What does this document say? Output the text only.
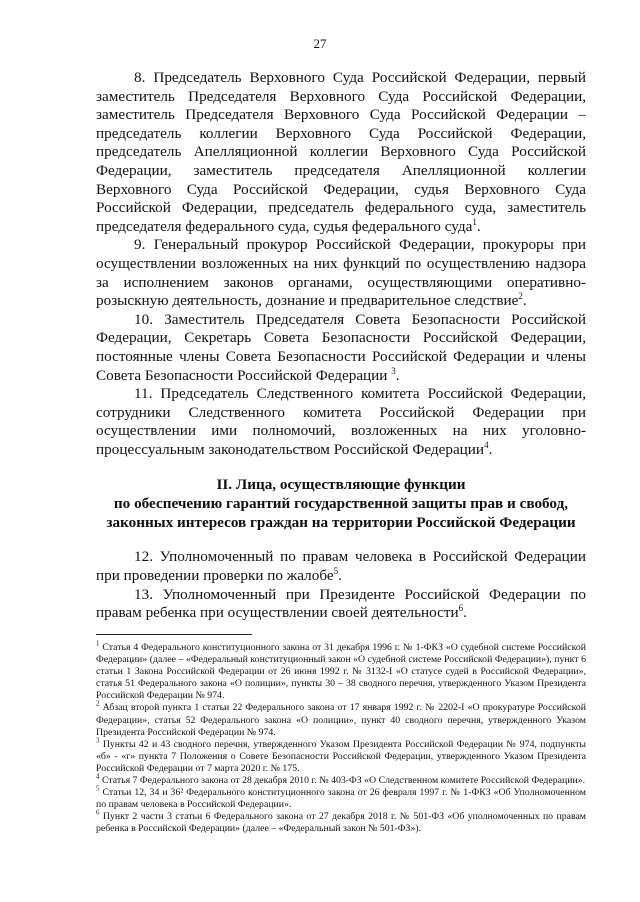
27

8. Председатель Верховного Суда Российской Федерации, первый заместитель Председателя Верховного Суда Российской Федерации, заместитель Председателя Верховного Суда Российской Федерации – председатель коллегии Верховного Суда Российской Федерации, председатель Апелляционной коллегии Верховного Суда Российской Федерации, заместитель председателя Апелляционной коллегии Верховного Суда Российской Федерации, судья Верховного Суда Российской Федерации, председатель федерального суда, заместитель председателя федерального суда, судья федерального суда$^1$.

9. Генеральный прокурор Российской Федерации, прокуроры при осуществлении возложенных на них функций по осуществлению надзора за исполнением законов органами, осуществляющими оперативно-розыскную деятельность, дознание и предварительное следствие$^2$.

10. Заместитель Председателя Совета Безопасности Российской Федерации, Секретарь Совета Безопасности Российской Федерации, постоянные члены Совета Безопасности Российской Федерации и члены Совета Безопасности Российской Федерации $^3$.

11. Председатель Следственного комитета Российской Федерации, сотрудники Следственного комитета Российской Федерации при осуществлении ими полномочий, возложенных на них уголовно-процессуальным законодательством Российской Федерации$^4$.

II. Лица, осуществляющие функции
по обеспечению гарантий государственной защиты прав и свобод,
законных интересов граждан на территории Российской Федерации

12. Уполномоченный по правам человека в Российской Федерации при проведении проверки по жалобе$^5$.

13. Уполномоченный при Президенте Российской Федерации по правам ребенка при осуществлении своей деятельности$^6$.

$^1$ Статья 4 Федерального конституционного закона от 31 декабря 1996 г. № 1-ФКЗ «О судебной системе Российской Федерации» (далее – «Федеральный конституционный закон «О судебной системе Российской Федерации»), пункт 6 статьи 1 Закона Российской Федерации от 26 июня 1992 г. № 3132-I «О статусе судей в Российской Федерации», статья 51 Федерального закона «О полиции», пункты 30 – 38 сводного перечня, утвержденного Указом Президента Российской Федерации № 974.

$^2$ Абзац второй пункта 1 статьи 22 Федерального закона от 17 января 1992 г. № 2202-I «О прокуратуре Российской Федерации», статья 52 Федерального закона «О полиции», пункт 40 сводного перечня, утвержденного Указом Президента Российской Федерации № 974.

$^3$ Пункты 42 и 43 сводного перечня, утвержденного Указом Президента Российской Федерации № 974, подпункты «б» - «г» пункта 7 Положения о Совете Безопасности Российской Федерации, утвержденного Указом Президента Российской Федерации от 7 марта 2020 г. № 175.

$^4$ Статья 7 Федерального закона от 28 декабря 2010 г. № 403-ФЗ «О Следственном комитете Российской Федерации».

$^5$ Статьи 12, 34 и 36² Федерального конституционного закона от 26 февраля 1997 г. № 1-ФКЗ «Об Уполномоченном по правам человека в Российской Федерации».

$^6$ Пункт 2 части 3 статьи 6 Федерального закона от 27 декабря 2018 г. № 501-ФЗ «Об уполномоченных по правам ребенка в Российской Федерации» (далее – «Федеральный закон № 501-ФЗ»).
